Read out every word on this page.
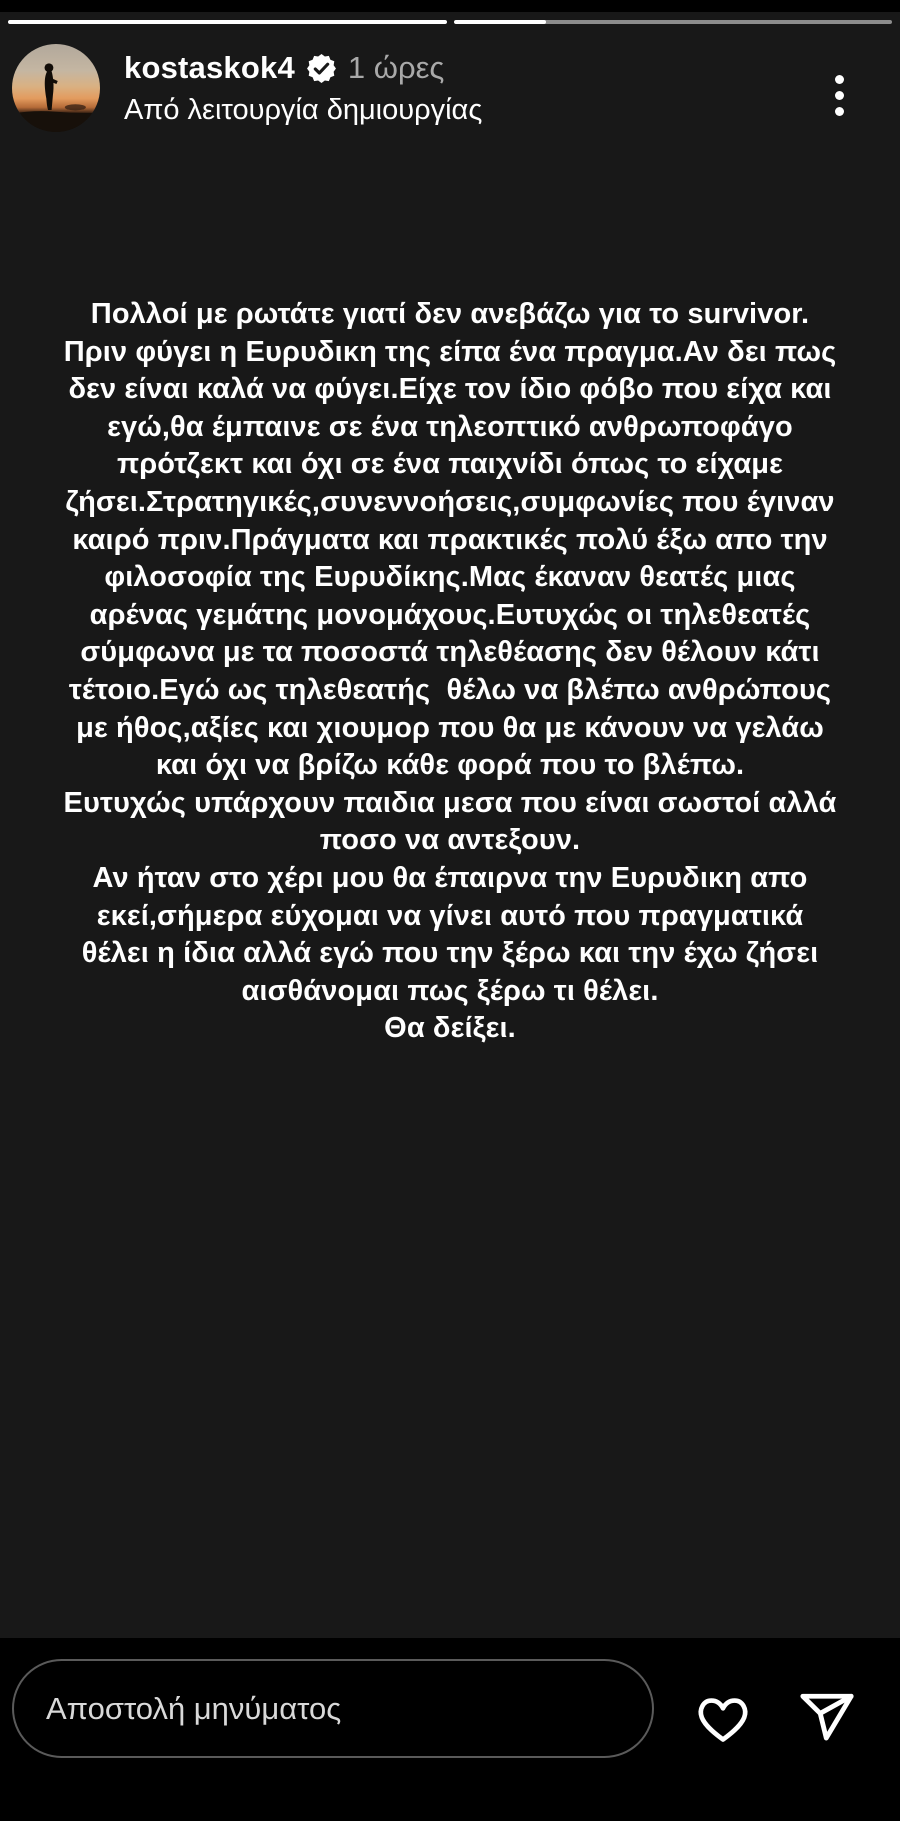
kostaskok4 1 ώρες
Από λειτουργία δημιουργίας
Πολλοί με ρωτάτε γιατί δεν ανεβάζω για το survivor.
Πριν φύγει η Ευρυδικη της είπα ένα πραγμα.Αν δει πως
δεν είναι καλά να φύγει.Είχε τον ίδιο φόβο που είχα και
εγώ,θα έμπαινε σε ένα τηλεοπτικό ανθρωποφάγο
πρότζεκτ και όχι σε ένα παιχνίδι όπως το είχαμε
ζήσει.Στρατηγικές,συνεννοήσεις,συμφωνίες που έγιναν
καιρό πριν.Πράγματα και πρακτικές πολύ έξω απο την
φιλοσοφία της Ευρυδίκης.Μας έκαναν θεατές μιας
αρένας γεμάτης μονομάχους.Ευτυχώς οι τηλεθεατές
σύμφωνα με τα ποσοστά τηλεθέασης δεν θέλουν κάτι
τέτοιο.Εγώ ως τηλεθεατής  θέλω να βλέπω ανθρώπους
με ήθος,αξίες και χιουμορ που θα με κάνουν να γελάω
και όχι να βρίζω κάθε φορά που το βλέπω.
Ευτυχώς υπάρχουν παιδια μεσα που είναι σωστοί αλλά
ποσο να αντεξουν.
Αν ήταν στο χέρι μου θα έπαιρνα την Ευρυδικη απο
εκεί,σήμερα εύχομαι να γίνει αυτό που πραγματικά
θέλει η ίδια αλλά εγώ που την ξέρω και την έχω ζήσει
αισθάνομαι πως ξέρω τι θέλει.
Θα δείξει.
Αποστολή μηνύματος
